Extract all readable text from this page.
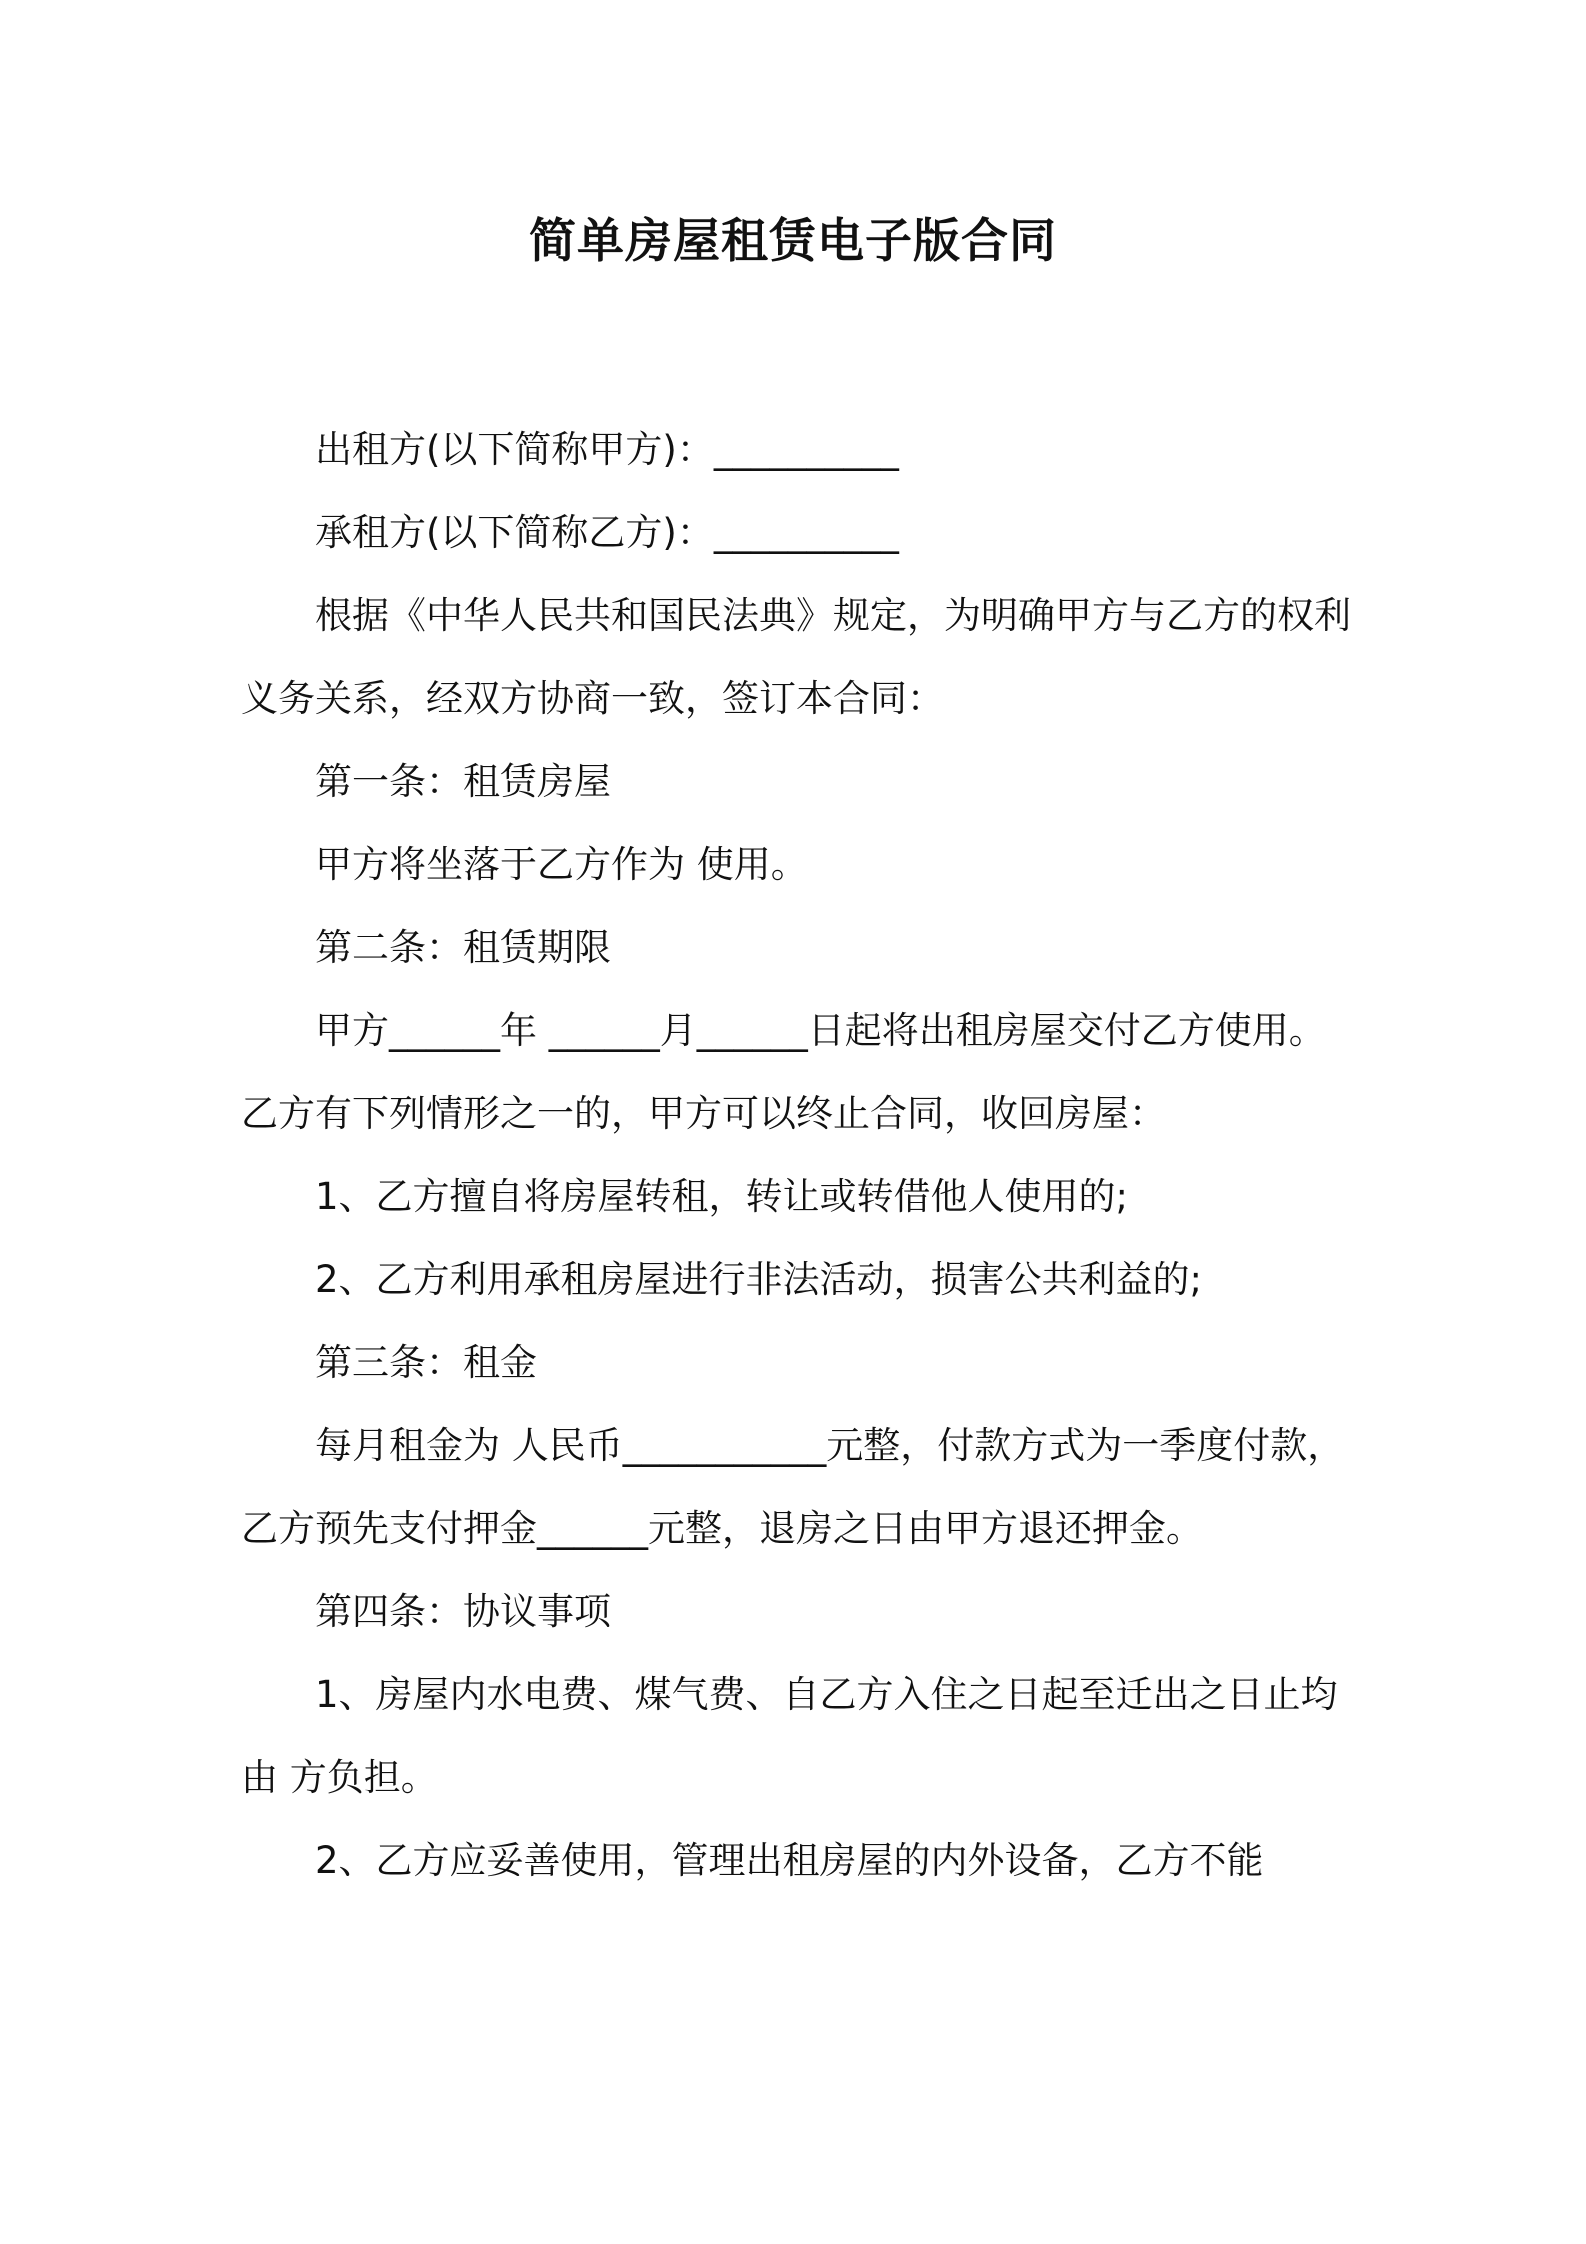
简单房屋租赁电子版合同

出租方(以下简称甲方)：__________

承租方(以下简称乙方)：__________

根据《中华人民共和国民法典》规定，为明确甲方与乙方的权利义务关系，经双方协商一致，签订本合同：

第一条：租赁房屋

甲方将坐落于乙方作为 使用。

第二条：租赁期限

甲方______年 ______月______日起将出租房屋交付乙方使用。乙方有下列情形之一的，甲方可以终止合同，收回房屋：

1、乙方擅自将房屋转租，转让或转借他人使用的;

2、乙方利用承租房屋进行非法活动，损害公共利益的;

第三条：租金

每月租金为 人民币___________元整，付款方式为一季度付款，乙方预先支付押金______元整，退房之日由甲方退还押金。

第四条：协议事项

1、房屋内水电费、煤气费、自乙方入住之日起至迁出之日止均由 方负担。

2、乙方应妥善使用，管理出租房屋的内外设备，乙方不能
